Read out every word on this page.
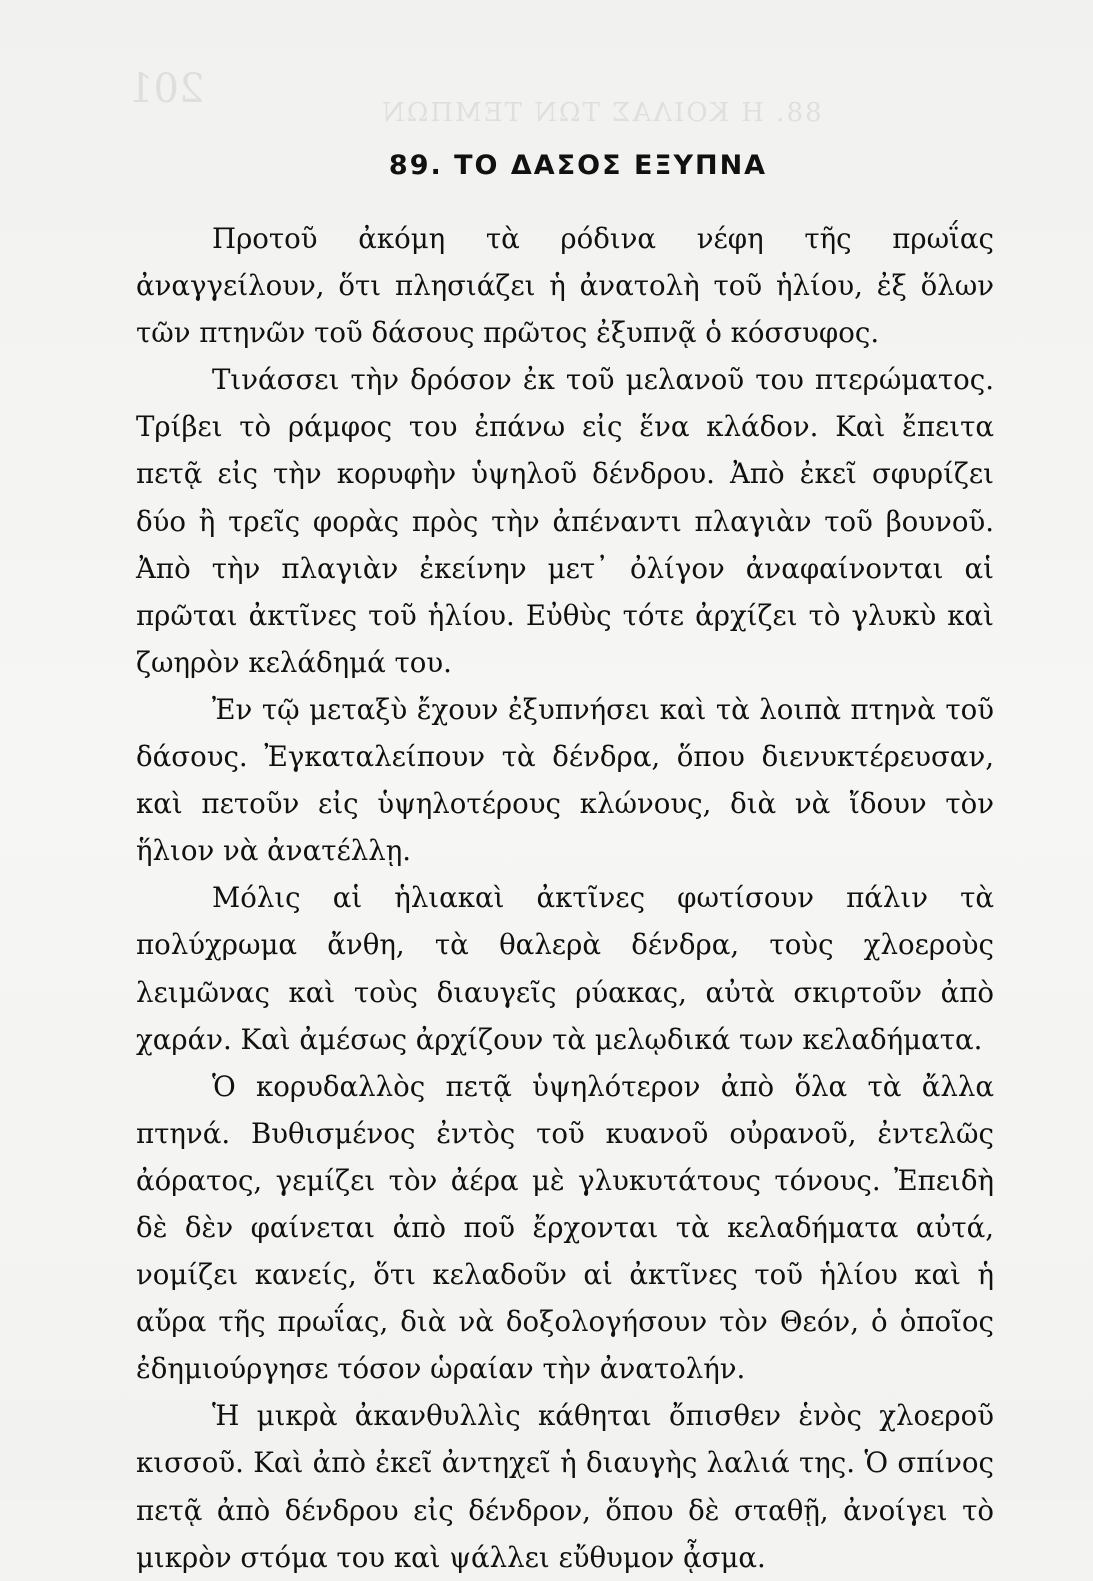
201
88. Η ΚΟΙΛΑΣ ΤΩΝ ΤΕΜΠΩΝ
89. ΤΟ ΔΑΣΟΣ ΕΞΥΠΝΑ

Προτοῦ ἀκόμη τὰ ρόδινα νέφη τῆς πρωΐας ἀναγγείλουν, ὅτι πλησιάζει ἡ ἀνατολὴ τοῦ ἡλίου, ἐξ ὅλων τῶν πτηνῶν τοῦ δάσους πρῶτος ἐξυπνᾷ ὁ κόσσυφος.

Τινάσσει τὴν δρόσον ἐκ τοῦ μελανοῦ του πτερώματος. Τρίβει τὸ ράμφος του ἐπάνω εἰς ἕνα κλάδον. Καὶ ἔπειτα πετᾷ εἰς τὴν κορυφὴν ὑψηλοῦ δένδρου. Ἀπὸ ἐκεῖ σφυρίζει δύο ἢ τρεῖς φορὰς πρὸς τὴν ἀπέναντι πλαγιὰν τοῦ βουνοῦ. Ἀπὸ τὴν πλαγιὰν ἐκείνην μετ᾽ ὀλίγον ἀναφαίνονται αἱ πρῶται ἀκτῖνες τοῦ ἡλίου. Εὐθὺς τότε ἀρχίζει τὸ γλυκὺ καὶ ζωηρὸν κελάδημά του.

Ἐν τῷ μεταξὺ ἔχουν ἐξυπνήσει καὶ τὰ λοιπὰ πτηνὰ τοῦ δάσους. Ἐγκαταλείπουν τὰ δένδρα, ὅπου διενυκτέρευσαν, καὶ πετοῦν εἰς ὑψηλοτέρους κλώνους, διὰ νὰ ἴδουν τὸν ἥλιον νὰ ἀνατέλλῃ.

Μόλις αἱ ἡλιακαὶ ἀκτῖνες φωτίσουν πάλιν τὰ πολύχρωμα ἄνθη, τὰ θαλερὰ δένδρα, τοὺς χλοεροὺς λειμῶνας καὶ τοὺς διαυγεῖς ρύακας, αὐτὰ σκιρτοῦν ἀπὸ χαράν. Καὶ ἀμέσως ἀρχίζουν τὰ μελῳδικά των κελαδήματα.

Ὁ κορυδαλλὸς πετᾷ ὑψηλότερον ἀπὸ ὅλα τὰ ἄλλα πτηνά. Βυθισμένος ἐντὸς τοῦ κυανοῦ οὐρανοῦ, ἐντελῶς ἀόρατος, γεμίζει τὸν ἀέρα μὲ γλυκυτάτους τόνους. Ἐπειδὴ δὲ δὲν φαίνεται ἀπὸ ποῦ ἔρχονται τὰ κελαδήματα αὐτά, νομίζει κανείς, ὅτι κελαδοῦν αἱ ἀκτῖνες τοῦ ἡλίου καὶ ἡ αὔρα τῆς πρωΐας, διὰ νὰ δοξολογήσουν τὸν Θεόν, ὁ ὁποῖος ἐδημιούργησε τόσον ὡραίαν τὴν ἀνατολήν.

Ἡ μικρὰ ἀκανθυλλὶς κάθηται ὄπισθεν ἑνὸς χλοεροῦ κισσοῦ. Καὶ ἀπὸ ἐκεῖ ἀντηχεῖ ἡ διαυγὴς λαλιά της. Ὁ σπίνος πετᾷ ἀπὸ δένδρου εἰς δένδρον, ὅπου δὲ σταθῇ, ἀνοίγει τὸ μικρὸν στόμα του καὶ ψάλλει εὔθυμον ᾆσμα.
